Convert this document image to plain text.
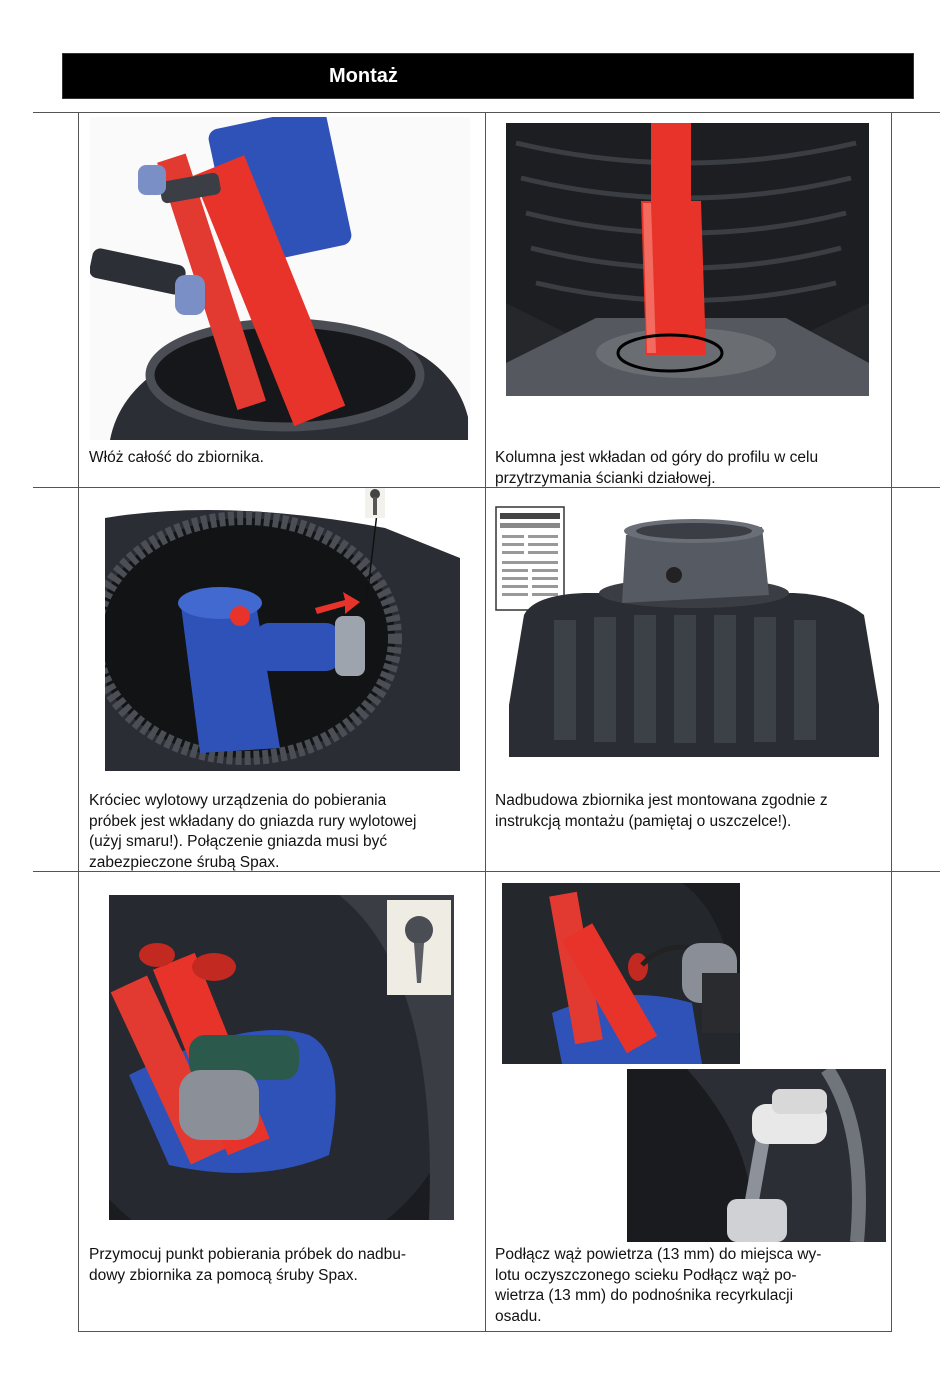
Montaż
Włóż całość do zbiornika.	Kolumna jest wkładan od góry do profilu w celu
przytrzymania ścianki działowej.
Króciec wylotowy urządzenia do pobierania
próbek jest wkładany do gniazda rury wylotowej
(użyj smaru!). Połączenie gniazda musi być
zabezpieczone śrubą Spax.
Nadbudowa zbiornika jest montowana zgodnie z
instrukcją montażu (pamiętaj o uszczelce!).
Przymocuj punkt pobierania próbek do nadbu-
dowy zbiornika za pomocą śruby Spax.
Podłącz wąż powietrza (13 mm) do miejsca wy-
lotu oczyszczonego scieku Podłącz wąż po-
wietrza (13 mm) do podnośnika recyrkulacji
osadu.
